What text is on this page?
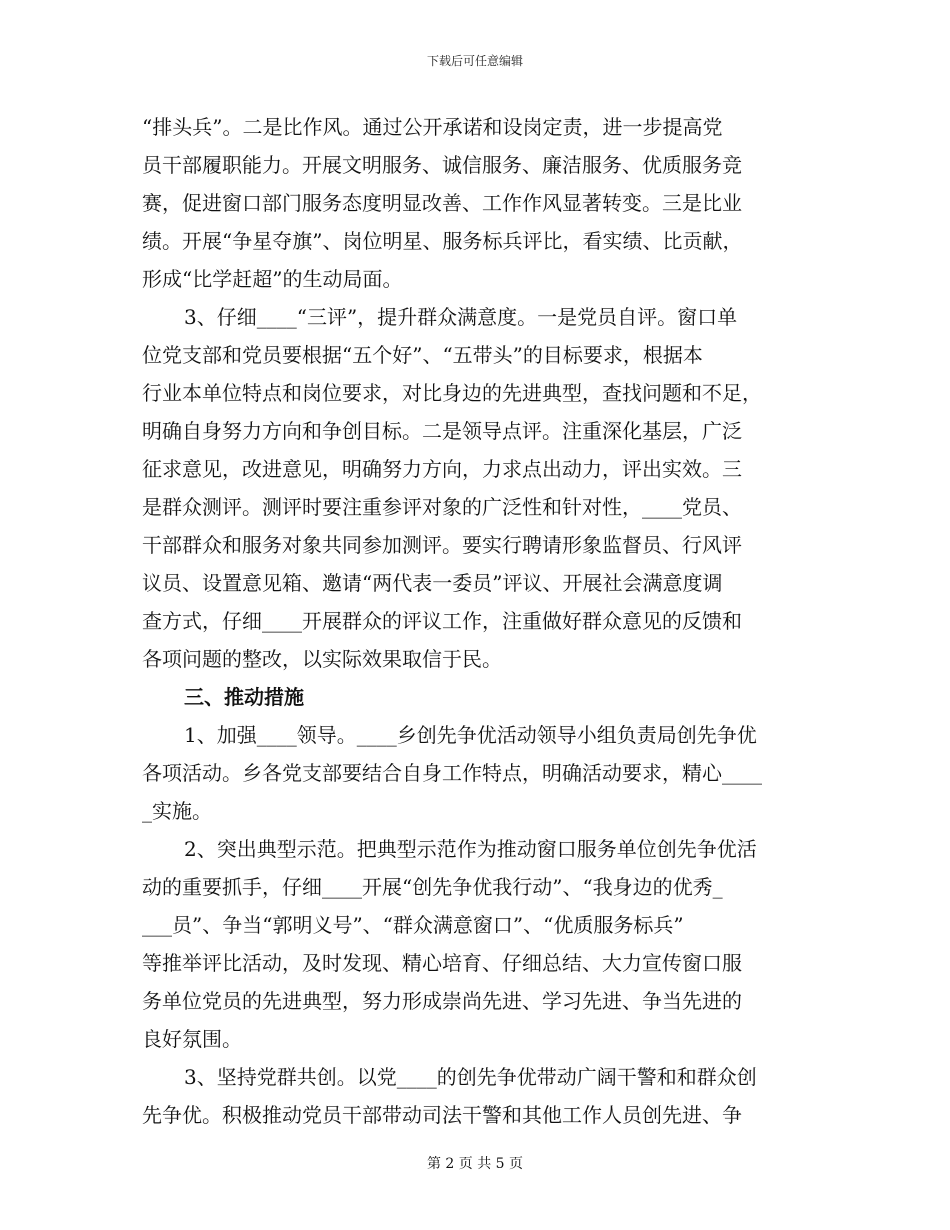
下载后可任意编辑
“排头兵”。二是比作风。通过公开承诺和设岗定责，进一步提高党
员干部履职能力。开展文明服务、诚信服务、廉洁服务、优质服务竞
赛，促进窗口部门服务态度明显改善、工作作风显著转变。三是比业
绩。开展“争星夺旗”、岗位明星、服务标兵评比，看实绩、比贡献，
形成“比学赶超”的生动局面。
3、仔细____“三评”，提升群众满意度。一是党员自评。窗口单
位党支部和党员要根据“五个好”、“五带头”的目标要求，根据本
行业本单位特点和岗位要求，对比身边的先进典型，查找问题和不足，
明确自身努力方向和争创目标。二是领导点评。注重深化基层，广泛
征求意见，改进意见，明确努力方向，力求点出动力，评出实效。三
是群众测评。测评时要注重参评对象的广泛性和针对性，____党员、
干部群众和服务对象共同参加测评。要实行聘请形象监督员、行风评
议员、设置意见箱、邀请“两代表一委员”评议、开展社会满意度调
查方式，仔细____开展群众的评议工作，注重做好群众意见的反馈和
各项问题的整改，以实际效果取信于民。
三、推动措施
1、加强____领导。____乡创先争优活动领导小组负责局创先争优
各项活动。乡各党支部要结合自身工作特点，明确活动要求，精心____
_实施。
2、突出典型示范。把典型示范作为推动窗口服务单位创先争优活
动的重要抓手，仔细____开展“创先争优我行动”、“我身边的优秀_
___员”、争当“郭明义号”、“群众满意窗口”、“优质服务标兵”
等推举评比活动，及时发现、精心培育、仔细总结、大力宣传窗口服
务单位党员的先进典型，努力形成崇尚先进、学习先进、争当先进的
良好氛围。
3、坚持党群共创。以党____的创先争优带动广阔干警和和群众创
先争优。积极推动党员干部带动司法干警和其他工作人员创先进、争
第 2 页 共 5 页
